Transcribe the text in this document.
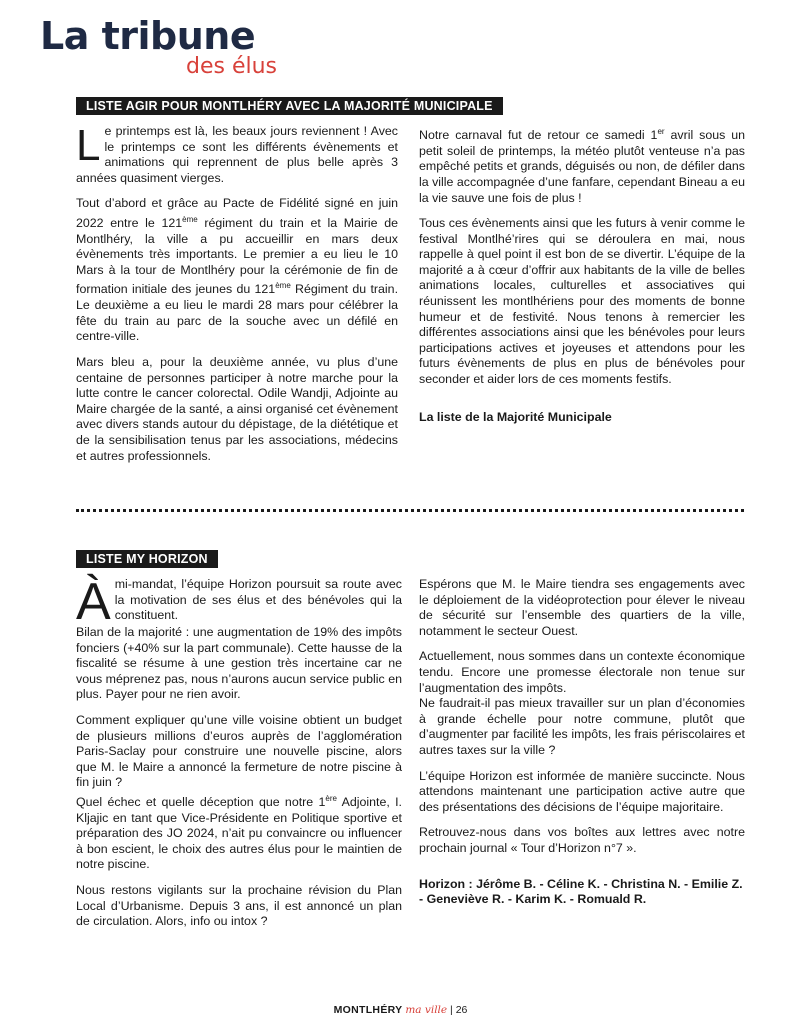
La tribune
des élus
LISTE AGIR POUR MONTLHÉRY AVEC LA MAJORITÉ MUNICIPALE

Le printemps est là, les beaux jours reviennent ! Avec le printemps ce sont les différents évènements et animations qui reprennent de plus belle après 3 années quasiment vierges.

Tout d’abord et grâce au Pacte de Fidélité signé en juin 2022 entre le 121ème régiment du train et la Mairie de Montlhéry, la ville a pu accueillir en mars deux évènements très importants. Le premier a eu lieu le 10 Mars à la tour de Montlhéry pour la cérémonie de fin de formation initiale des jeunes du 121ème Régiment du train. Le deuxième a eu lieu le mardi 28 mars pour célébrer la fête du train au parc de la souche avec un défilé en centre-ville.

Mars bleu a, pour la deuxième année, vu plus d’une centaine de personnes participer à notre marche pour la lutte contre le cancer colorectal. Odile Wandji, Adjointe au Maire chargée de la santé, a ainsi organisé cet évènement avec divers stands autour du dépistage, de la diététique et de la sensibilisation tenus par les associations, médecins et autres professionnels.

Notre carnaval fut de retour ce samedi 1er avril sous un petit soleil de printemps, la météo plutôt venteuse n’a pas empêché petits et grands, déguisés ou non, de défiler dans la ville accompagnée d’une fanfare, cependant Bineau a eu la vie sauve une fois de plus !

Tous ces évènements ainsi que les futurs à venir comme le festival Montlhé’rires qui se déroulera en mai, nous rappelle à quel point il est bon de se divertir. L’équipe de la majorité a à cœur d’offrir aux habitants de la ville de belles animations locales, culturelles et associatives qui réunissent les montlhériens pour des moments de bonne humeur et de festivité. Nous tenons à remercier les différentes associations ainsi que les bénévoles pour leurs participations actives et joyeuses et attendons pour les futurs évènements de plus en plus de bénévoles pour seconder et aider lors de ces moments festifs.

La liste de la Majorité Municipale

LISTE MY HORIZON

Àmi-mandat, l’équipe Horizon poursuit sa route avec la motivation de ses élus et des bénévoles qui la constituent.

Bilan de la majorité : une augmentation de 19% des impôts fonciers (+40% sur la part communale). Cette hausse de la fiscalité se résume à une gestion très incertaine car ne vous méprenez pas, nous n’aurons aucun service public en plus. Payer pour ne rien avoir.

Comment expliquer qu’une ville voisine obtient un budget de plusieurs millions d’euros auprès de l’agglomération Paris-Saclay pour construire une nouvelle piscine, alors que M. le Maire a annoncé la fermeture de notre piscine à fin juin ?

Quel échec et quelle déception que notre 1ère Adjointe, I. Kljajic en tant que Vice-Présidente en Politique sportive et préparation des JO 2024, n’ait pu convaincre ou influencer à bon escient, le choix des autres élus pour le maintien de notre piscine.

Nous restons vigilants sur la prochaine révision du Plan Local d’Urbanisme. Depuis 3 ans, il est annoncé un plan de circulation. Alors, info ou intox ?

Espérons que M. le Maire tiendra ses engagements avec le déploiement de la vidéoprotection pour élever le niveau de sécurité sur l’ensemble des quartiers de la ville, notamment le secteur Ouest.

Actuellement, nous sommes dans un contexte économique tendu. Encore une promesse électorale non tenue sur l’augmentation des impôts.

Ne faudrait-il pas mieux travailler sur un plan d’économies à grande échelle pour notre commune, plutôt que d’augmenter par facilité les impôts, les frais périscolaires et autres taxes sur la ville ?

L’équipe Horizon est informée de manière succincte. Nous attendons maintenant une participation active autre que des présentations des décisions de l’équipe majoritaire.

Retrouvez-nous dans vos boîtes aux lettres avec notre prochain journal « Tour d’Horizon n°7 ».

Horizon : Jérôme B. - Céline K. - Christina N. - Emilie Z. - Geneviève R. - Karim K. - Romuald R.

MONTLHÉRY ma ville | 26
